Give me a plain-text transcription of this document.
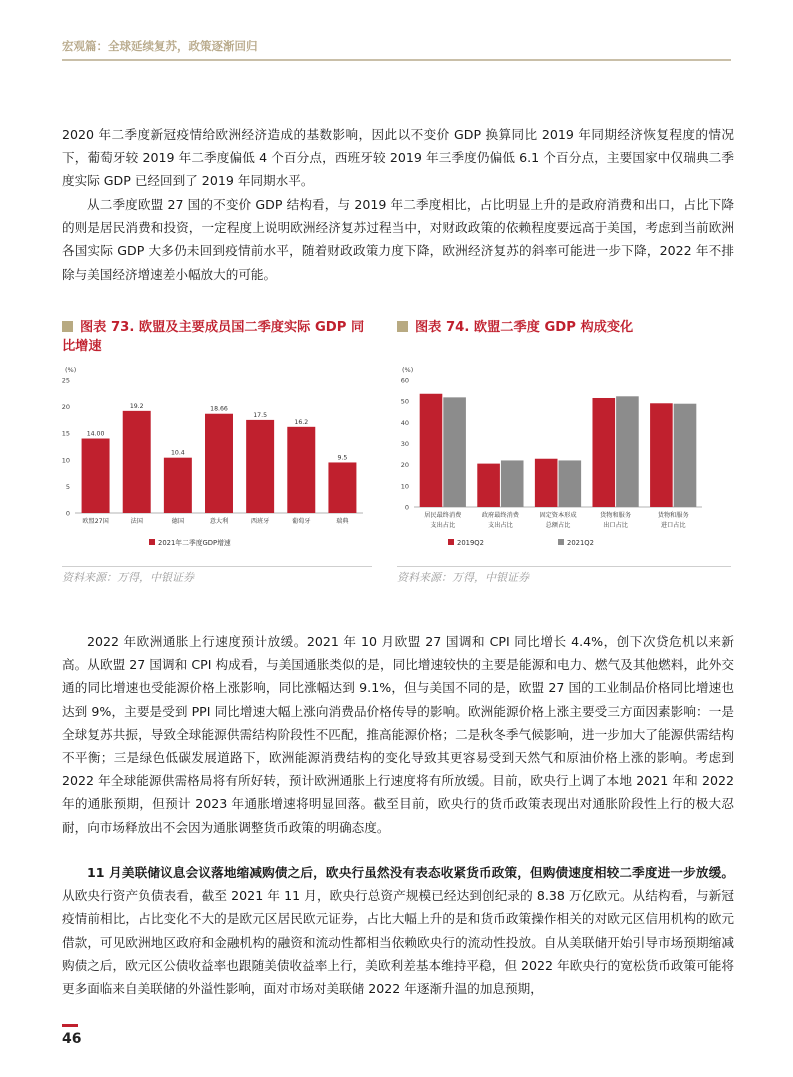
宏观篇：全球延续复苏，政策逐渐回归

2020 年二季度新冠疫情给欧洲经济造成的基数影响，因此以不变价 GDP 换算同比 2019 年同期经济恢复程度的情况下，葡萄牙较 2019 年二季度偏低 4 个百分点，西班牙较 2019 年三季度仍偏低 6.1 个百分点，主要国家中仅瑞典二季度实际 GDP 已经回到了 2019 年同期水平。

从二季度欧盟 27 国的不变价 GDP 结构看，与 2019 年二季度相比，占比明显上升的是政府消费和出口，占比下降的则是居民消费和投资，一定程度上说明欧洲经济复苏过程当中，对财政政策的依赖程度要远高于美国，考虑到当前欧洲各国实际 GDP 大多仍未回到疫情前水平，随着财政政策力度下降，欧洲经济复苏的斜率可能进一步下降，2022 年不排除与美国经济增速差小幅放大的可能。

图表 73. 欧盟及主要成员国二季度实际 GDP 同
比增速
(%)
0
5
10
15
20
25
14.00
欧盟27国
19.2
法国
10.4
德国
18.66
意大利
17.5
西班牙
16.2
葡萄牙
9.5
瑞典
2021年二季度GDP增速
资料来源：万得，中银证券
图表 74. 欧盟二季度 GDP 构成变化
(%)
0
10
20
30
40
50
60
居民最终消费
支出占比
政府最终消费
支出占比
固定资本形成
总额占比
货物和服务
出口占比
货物和服务
进口占比
2019Q2	2021Q2
资料来源：万得，中银证券

2022 年欧洲通胀上行速度预计放缓。2021 年 10 月欧盟 27 国调和 CPI 同比增长 4.4%，创下次贷危机以来新高。从欧盟 27 国调和 CPI 构成看，与美国通胀类似的是，同比增速较快的主要是能源和电力、燃气及其他燃料，此外交通的同比增速也受能源价格上涨影响，同比涨幅达到 9.1%，但与美国不同的是，欧盟 27 国的工业制品价格同比增速也达到 9%，主要是受到 PPI 同比增速大幅上涨向消费品价格传导的影响。欧洲能源价格上涨主要受三方面因素影响：一是全球复苏共振，导致全球能源供需结构阶段性不匹配，推高能源价格；二是秋冬季气候影响，进一步加大了能源供需结构不平衡；三是绿色低碳发展道路下，欧洲能源消费结构的变化导致其更容易受到天然气和原油价格上涨的影响。考虑到 2022 年全球能源供需格局将有所好转，预计欧洲通胀上行速度将有所放缓。目前，欧央行上调了本地 2021 年和 2022 年的通胀预期，但预计 2023 年通胀增速将明显回落。截至目前，欧央行的货币政策表现出对通胀阶段性上行的极大忍耐，向市场释放出不会因为通胀调整货币政策的明确态度。

11 月美联储议息会议落地缩减购债之后，欧央行虽然没有表态收紧货币政策，但购债速度相较二季度进一步放缓。从欧央行资产负债表看，截至 2021 年 11 月，欧央行总资产规模已经达到创纪录的 8.38 万亿欧元。从结构看，与新冠疫情前相比，占比变化不大的是欧元区居民欧元证券，占比大幅上升的是和货币政策操作相关的对欧元区信用机构的欧元借款，可见欧洲地区政府和金融机构的融资和流动性都相当依赖欧央行的流动性投放。自从美联储开始引导市场预期缩减购债之后，欧元区公债收益率也跟随美债收益率上行，美欧利差基本维持平稳，但 2022 年欧央行的宽松货币政策可能将更多面临来自美联储的外溢性影响，面对市场对美联储 2022 年逐渐升温的加息预期，

46
